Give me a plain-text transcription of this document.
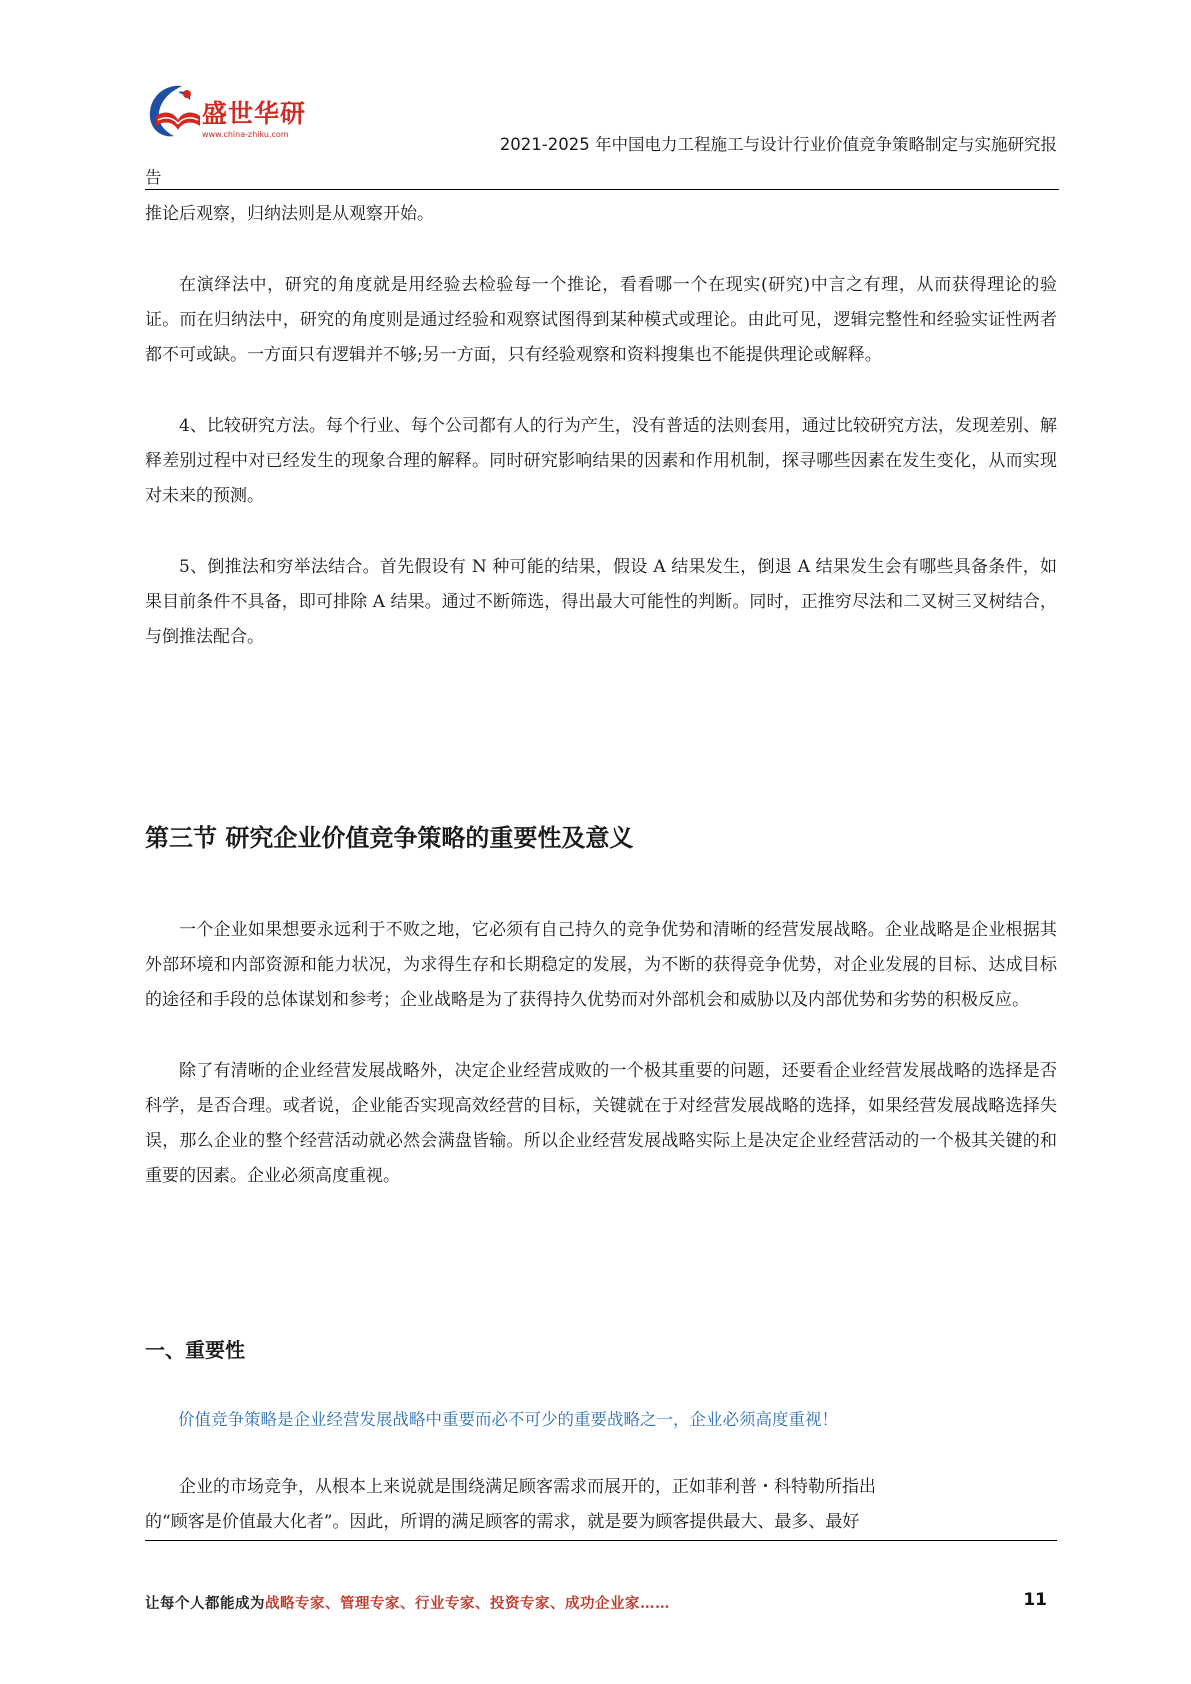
盛世华研
www.china-zhiku.com
2021-2025 年中国电力工程施工与设计行业价值竞争策略制定与实施研究报
告

推论后观察，归纳法则是从观察开始。

在演绎法中，研究的角度就是用经验去检验每一个推论，看看哪一个在现实(研究)中言之有理，从而获得理论的验证。而在归纳法中，研究的角度则是通过经验和观察试图得到某种模式或理论。由此可见，逻辑完整性和经验实证性两者都不可或缺。一方面只有逻辑并不够;另一方面，只有经验观察和资料搜集也不能提供理论或解释。

4、比较研究方法。每个行业、每个公司都有人的行为产生，没有普适的法则套用，通过比较研究方法，发现差别、解释差别过程中对已经发生的现象合理的解释。同时研究影响结果的因素和作用机制，探寻哪些因素在发生变化，从而实现对未来的预测。

5、倒推法和穷举法结合。首先假设有 N 种可能的结果，假设 A 结果发生，倒退 A 结果发生会有哪些具备条件，如果目前条件不具备，即可排除 A 结果。通过不断筛选，得出最大可能性的判断。同时，正推穷尽法和二叉树三叉树结合，与倒推法配合。

第三节 研究企业价值竞争策略的重要性及意义

一个企业如果想要永远利于不败之地，它必须有自己持久的竞争优势和清晰的经营发展战略。企业战略是企业根据其外部环境和内部资源和能力状况，为求得生存和长期稳定的发展，为不断的获得竞争优势，对企业发展的目标、达成目标的途径和手段的总体谋划和参考；企业战略是为了获得持久优势而对外部机会和威胁以及内部优势和劣势的积极反应。

除了有清晰的企业经营发展战略外，决定企业经营成败的一个极其重要的问题，还要看企业经营发展战略的选择是否科学，是否合理。或者说，企业能否实现高效经营的目标，关键就在于对经营发展战略的选择，如果经营发展战略选择失误，那么企业的整个经营活动就必然会满盘皆输。所以企业经营发展战略实际上是决定企业经营活动的一个极其关键的和重要的因素。企业必须高度重视。

一、重要性

价值竞争策略是企业经营发展战略中重要而必不可少的重要战略之一，企业必须高度重视！

企业的市场竞争，从根本上来说就是围绕满足顾客需求而展开的，正如菲利普・科特勒所指出

的“顾客是价值最大化者”。因此，所谓的满足顾客的需求，就是要为顾客提供最大、最多、最好

让每个人都能成为战略专家、管理专家、行业专家、投资专家、成功企业家……	11
